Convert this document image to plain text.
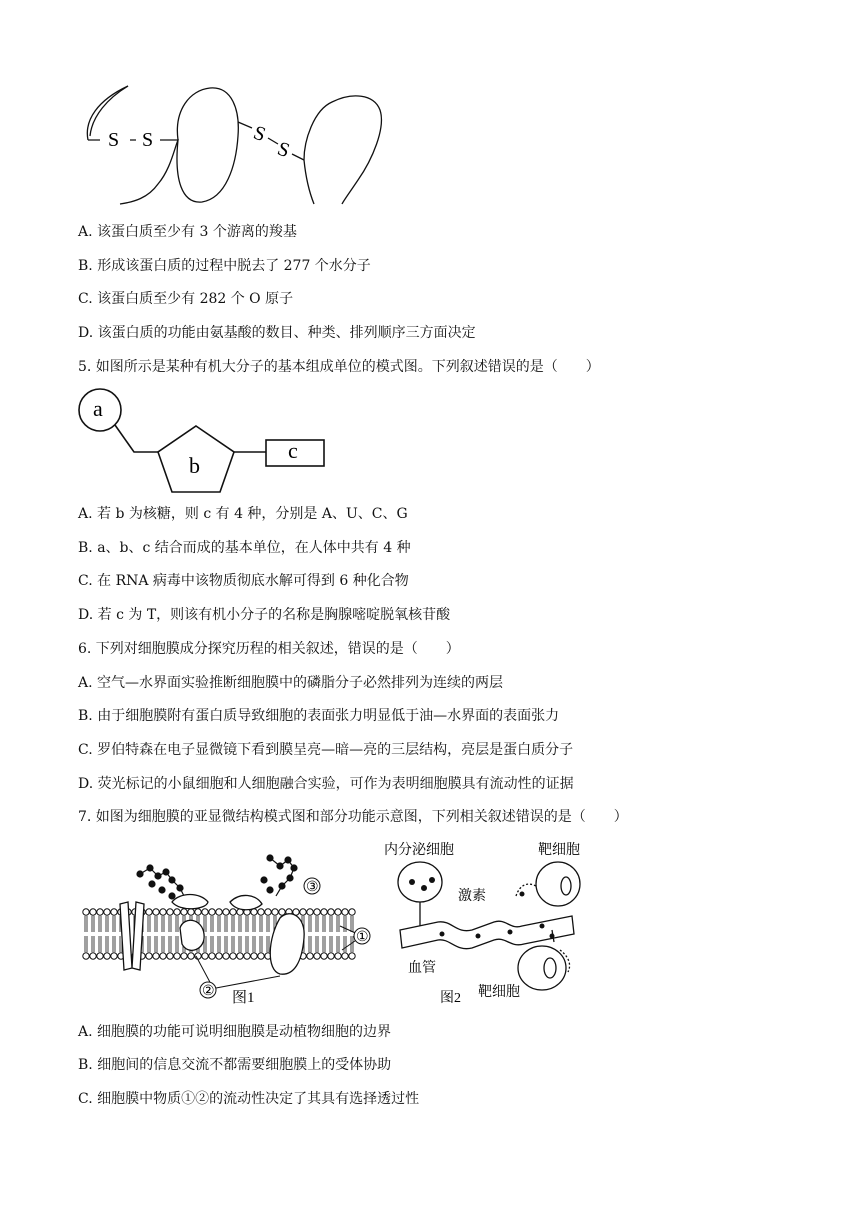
S S	S
S
A. 该蛋白质至少有 3 个游离的羧基
B. 形成该蛋白质的过程中脱去了 277 个水分子
C. 该蛋白质至少有 282 个 O 原子
D. 该蛋白质的功能由氨基酸的数目、种类、排列顺序三方面决定
5. 如图所示是某种有机大分子的基本组成单位的模式图。下列叙述错误的是（　　）
a
b
c
A. 若 b 为核糖，则 c 有 4 种，分别是 A、U、C、G
B. a、b、c 结合而成的基本单位，在人体中共有 4 种
C. 在 RNA 病毒中该物质彻底水解可得到 6 种化合物
D. 若 c 为 T，则该有机小分子的名称是胸腺嘧啶脱氧核苷酸
6. 下列对细胞膜成分探究历程的相关叙述，错误的是（　　）
A. 空气—水界面实验推断细胞膜中的磷脂分子必然排列为连续的两层
B. 由于细胞膜附有蛋白质导致细胞的表面张力明显低于油—水界面的表面张力
C. 罗伯特森在电子显微镜下看到膜呈亮—暗—亮的三层结构，亮层是蛋白质分子
D. 荧光标记的小鼠细胞和人细胞融合实验，可作为表明细胞膜具有流动性的证据
7. 如图为细胞膜的亚显微结构模式图和部分功能示意图，下列相关叙述错误的是（　　）
③
①
② 图1
内分泌细胞
激素
血管
靶细胞
靶细胞
图2
A. 细胞膜的功能可说明细胞膜是动植物细胞的边界
B. 细胞间的信息交流不都需要细胞膜上的受体协助
C. 细胞膜中物质①②的流动性决定了其具有选择透过性
